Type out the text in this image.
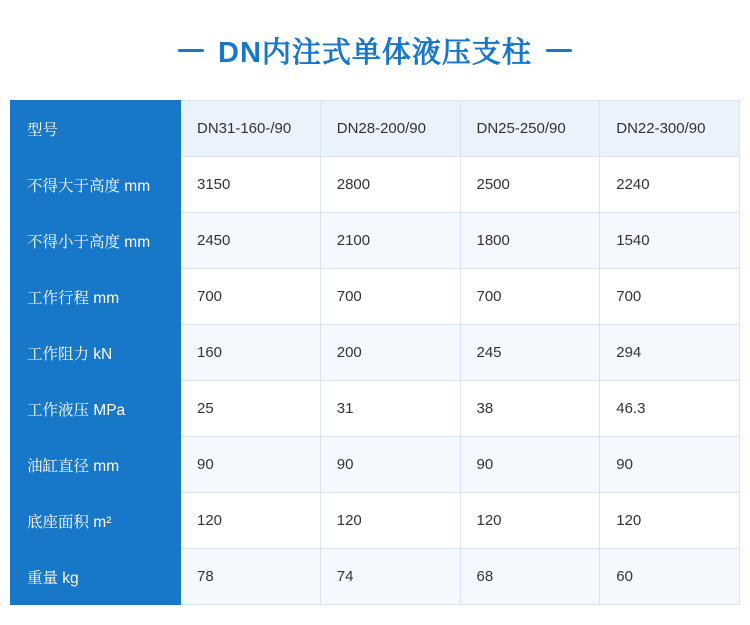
DN内注式单体液压支柱
型号	DN31-160-/90	DN28-200/90	DN25-250/90	DN22-300/90
不得大于高度 mm	3150	2800	2500	2240
不得小于高度 mm	2450	2100	1800	1540
工作行程 mm	700	700	700	700
工作阻力 kN	160	200	245	294
工作液压 MPa	25	31	38	46.3
油缸直径 mm	90	90	90	90
底座面积 m²	120	120	120	120
重量 kg	78	74	68	60
